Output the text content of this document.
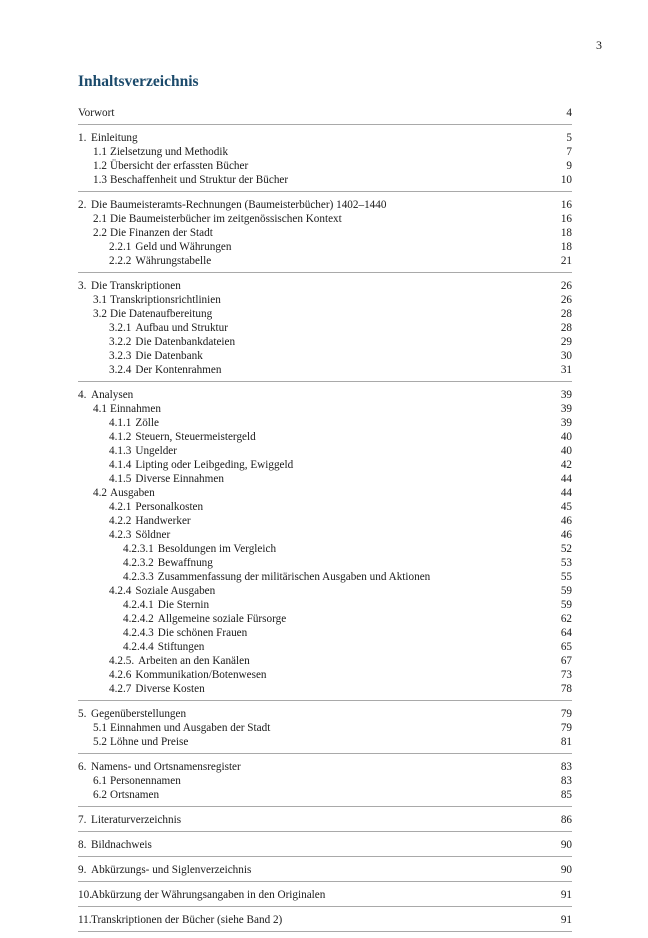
3
Inhaltsverzeichnis
Vorwort	4
1. Einleitung	5
1.1 Zielsetzung und Methodik	7
1.2 Übersicht der erfassten Bücher	9
1.3 Beschaffenheit und Struktur der Bücher	10
2. Die Baumeisteramts-Rechnungen (Baumeisterbücher) 1402–1440	16
2.1 Die Baumeisterbücher im zeitgenössischen Kontext	16
2.2 Die Finanzen der Stadt	18
2.2.1 Geld und Währungen	18
2.2.2 Währungstabelle	21
3. Die Transkriptionen	26
3.1 Transkriptionsrichtlinien	26
3.2 Die Datenaufbereitung	28
3.2.1 Aufbau und Struktur	28
3.2.2 Die Datenbankdateien	29
3.2.3 Die Datenbank	30
3.2.4 Der Kontenrahmen	31
4. Analysen	39
4.1 Einnahmen	39
4.1.1 Zölle	39
4.1.2 Steuern, Steuermeistergeld	40
4.1.3 Ungelder	40
4.1.4 Lipting oder Leibgeding, Ewiggeld	42
4.1.5 Diverse Einnahmen	44
4.2 Ausgaben	44
4.2.1 Personalkosten	45
4.2.2 Handwerker	46
4.2.3 Söldner	46
4.2.3.1 Besoldungen im Vergleich	52
4.2.3.2 Bewaffnung	53
4.2.3.3 Zusammenfassung der militärischen Ausgaben und Aktionen	55
4.2.4 Soziale Ausgaben	59
4.2.4.1 Die Sternin	59
4.2.4.2 Allgemeine soziale Fürsorge	62
4.2.4.3 Die schönen Frauen	64
4.2.4.4 Stiftungen	65
4.2.5. Arbeiten an den Kanälen	67
4.2.6 Kommunikation/Botenwesen	73
4.2.7 Diverse Kosten	78
5. Gegenüberstellungen	79
5.1 Einnahmen und Ausgaben der Stadt	79
5.2 Löhne und Preise	81
6. Namens- und Ortsnamensregister	83
6.1 Personennamen	83
6.2 Ortsnamen	85
7. Literaturverzeichnis	86
8. Bildnachweis	90
9. Abkürzungs- und Siglenverzeichnis	90
10.Abkürzung der Währungsangaben in den Originalen	91
11.Transkriptionen der Bücher (siehe Band 2)	91
